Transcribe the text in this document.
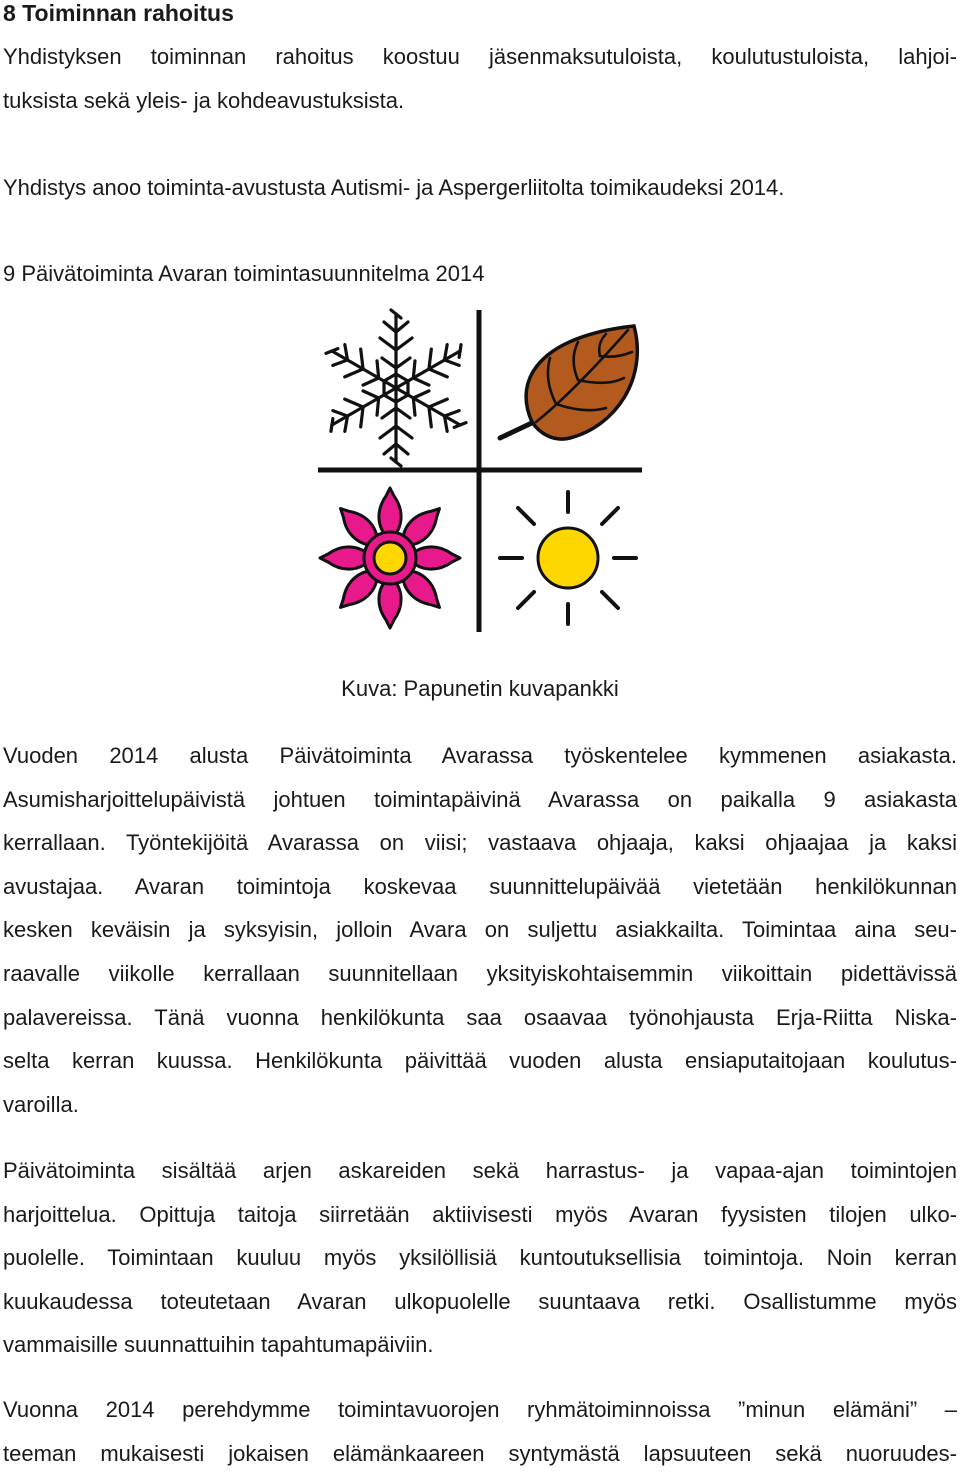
8 Toiminnan rahoitus
Yhdistyksen toiminnan rahoitus koostuu jäsenmaksutuloista, koulutustuloista, lahjoi-
tuksista sekä yleis- ja kohdeavustuksista.
Yhdistys anoo toiminta-avustusta Autismi- ja Aspergerliitolta toimikaudeksi 2014.
9 Päivätoiminta Avaran toimintasuunnitelma 2014
Kuva: Papunetin kuvapankki
Vuoden 2014 alusta Päivätoiminta Avarassa työskentelee kymmenen asiakasta.
Asumisharjoittelupäivistä johtuen toimintapäivinä Avarassa on paikalla 9 asiakasta
kerrallaan. Työntekijöitä Avarassa on viisi; vastaava ohjaaja, kaksi ohjaajaa ja kaksi
avustajaa. Avaran toimintoja koskevaa suunnittelupäivää vietetään henkilökunnan
kesken keväisin ja syksyisin, jolloin Avara on suljettu asiakkailta. Toimintaa aina seu-
raavalle viikolle kerrallaan suunnitellaan yksityiskohtaisemmin viikoittain pidettävissä
palavereissa. Tänä vuonna henkilökunta saa osaavaa työnohjausta Erja-Riitta Niska-
selta kerran kuussa. Henkilökunta päivittää vuoden alusta ensiaputaitojaan koulutus-
varoilla.
Päivätoiminta sisältää arjen askareiden sekä harrastus- ja vapaa-ajan toimintojen
harjoittelua. Opittuja taitoja siirretään aktiivisesti myös Avaran fyysisten tilojen ulko-
puolelle. Toimintaan kuuluu myös yksilöllisiä kuntoutuksellisia toimintoja. Noin kerran
kuukaudessa toteutetaan Avaran ulkopuolelle suuntaava retki. Osallistumme myös
vammaisille suunnattuihin tapahtumapäiviin.
Vuonna 2014 perehdymme toimintavuorojen ryhmätoiminnoissa ”minun elämäni” –
teeman mukaisesti jokaisen elämänkaareen syntymästä lapsuuteen sekä nuoruudes-
